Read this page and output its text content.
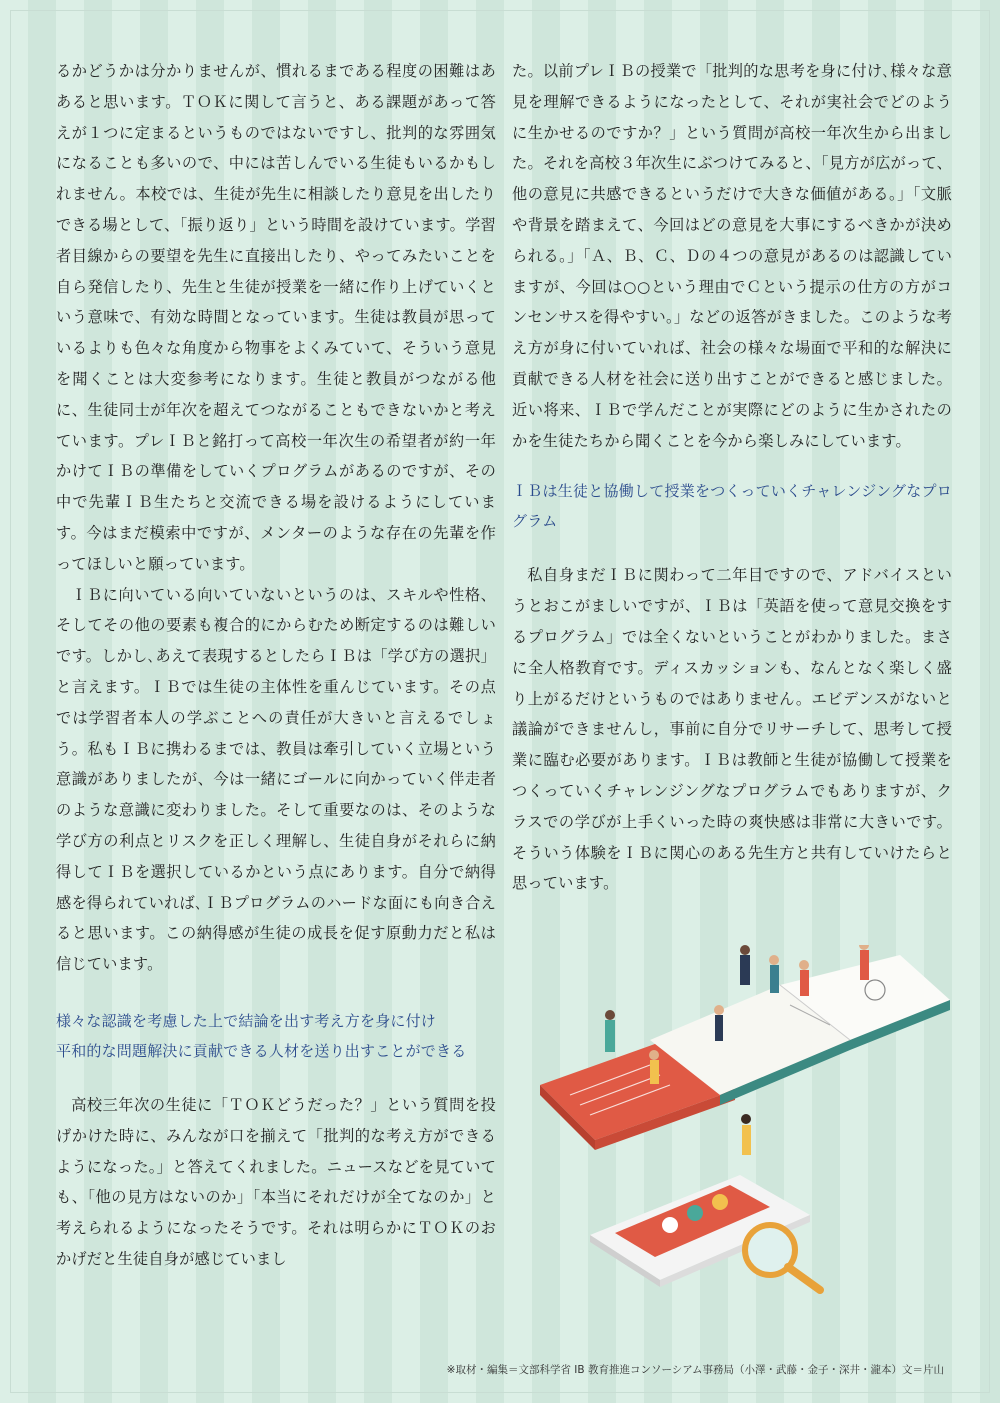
るかどうかは分かりませんが、慣れるまである程度の困難はああると思います。ＴＯＫに関して言うと、ある課題があって答えが１つに定まるというものではないですし、批判的な雰囲気になることも多いので、中には苦しんでいる生徒もいるかもしれません。本校では、生徒が先生に相談したり意見を出したりできる場として、「振り返り」という時間を設けています。学習者目線からの要望を先生に直接出したり、やってみたいことを自ら発信したり、先生と生徒が授業を一緒に作り上げていくという意味で、有効な時間となっています。生徒は教員が思っているよりも色々な角度から物事をよくみていて、そういう意見を聞くことは大変参考になります。生徒と教員がつながる他に、生徒同士が年次を超えてつながることもできないかと考えています。プレＩＢと銘打って高校一年次生の希望者が約一年かけてＩＢの準備をしていくプログラムがあるのですが、その中で先輩ＩＢ生たちと交流できる場を設けるようにしています。今はまだ模索中ですが、メンターのような存在の先輩を作ってほしいと願っています。

ＩＢに向いている向いていないというのは、スキルや性格、そしてその他の要素も複合的にからむため断定するのは難しいです。しかし､あえて表現するとしたらＩＢは「学び方の選択」と言えます。ＩＢでは生徒の主体性を重んじています。その点では学習者本人の学ぶことへの責任が大きいと言えるでしょう。私もＩＢに携わるまでは、教員は牽引していく立場という意識がありましたが、今は一緒にゴールに向かっていく伴走者のような意識に変わりました。そして重要なのは、そのような学び方の利点とリスクを正しく理解し、生徒自身がそれらに納得してＩＢを選択しているかという点にあります。自分で納得感を得られていれば､ＩＢプログラムのハードな面にも向き合えると思います。この納得感が生徒の成長を促す原動力だと私は信じています。

様々な認識を考慮した上で結論を出す考え方を身に付け
平和的な問題解決に貢献できる人材を送り出すことができる

高校三年次の生徒に「ＴＯＫどうだった？」という質問を投げかけた時に、みんなが口を揃えて「批判的な考え方ができるようになった。」と答えてくれました。ニュースなどを見ていても、「他の見方はないのか」「本当にそれだけが全てなのか」と考えられるようになったそうです。それは明らかにＴＯＫのおかげだと生徒自身が感じていまし

た。以前プレＩＢの授業で「批判的な思考を身に付け､様々な意見を理解できるようになったとして、それが実社会でどのように生かせるのですか？」という質問が高校一年次生から出ました。それを高校３年次生にぶつけてみると、「見方が広がって、他の意見に共感できるというだけで大きな価値がある。」「文脈や背景を踏まえて、今回はどの意見を大事にするべきかが決められる。」「Ａ、Ｂ、Ｃ、Ｄの４つの意見があるのは認識していますが、今回は○○という理由でＣという提示の仕方の方がコンセンサスを得やすい。」などの返答がきました。このような考え方が身に付いていれば、社会の様々な場面で平和的な解決に貢献できる人材を社会に送り出すことができると感じました。近い将来、ＩＢで学んだことが実際にどのように生かされたのかを生徒たちから聞くことを今から楽しみにしています。

ＩＢは生徒と協働して授業をつくっていくチャレンジングなプログラム

私自身まだＩＢに関わって二年目ですので、アドバイスというとおこがましいですが、ＩＢは「英語を使って意見交換をするプログラム」では全くないということがわかりました。まさに全人格教育です。ディスカッションも、なんとなく楽しく盛り上がるだけというものではありません。エビデンスがないと議論ができませんし，事前に自分でリサーチして、思考して授業に臨む必要があります。ＩＢは教師と生徒が協働して授業をつくっていくチャレンジングなプログラムでもありますが、クラスでの学びが上手くいった時の爽快感は非常に大きいです。そういう体験をＩＢに関心のある先生方と共有していけたらと思っています。

※取材・編集＝文部科学省 IB 教育推進コンソーシアム事務局（小澤・武藤・金子・深井・瀧本）文＝片山
